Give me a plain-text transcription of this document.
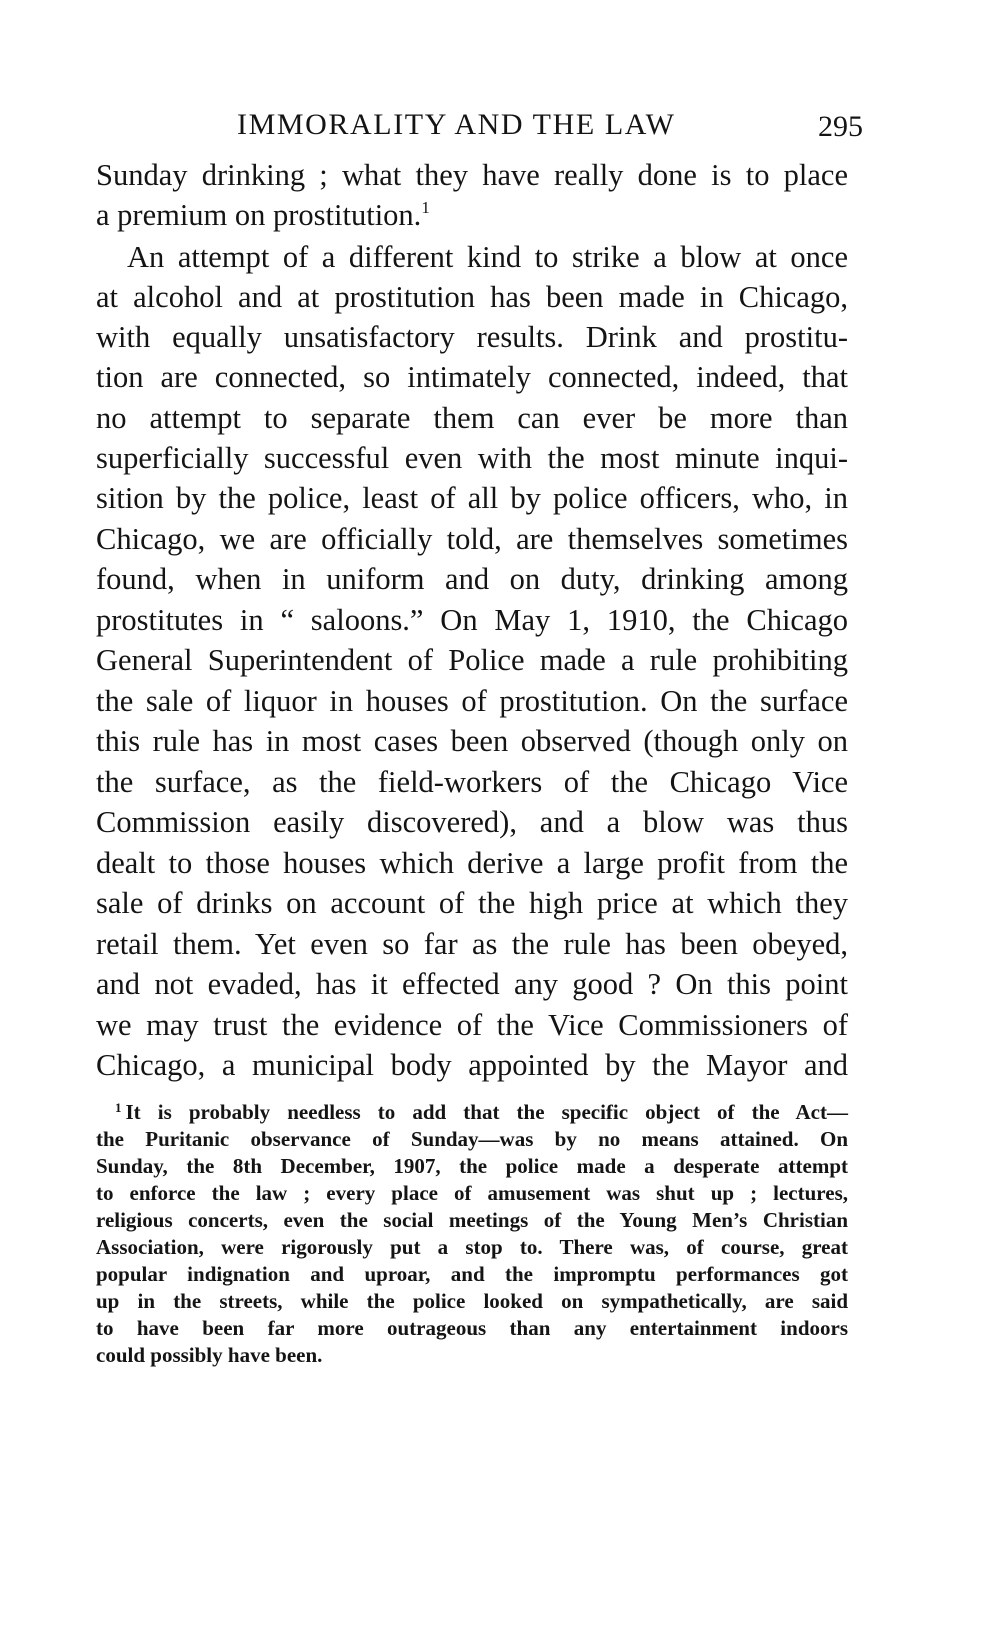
IMMORALITY AND THE LAW	295
Sunday drinking ; what they have really done is to place
a premium on prostitution.$^1$
An attempt of a different kind to strike a blow at once
at alcohol and at prostitution has been made in Chicago,
with equally unsatisfactory results. Drink and prostitu-
tion are connected, so intimately connected, indeed, that
no attempt to separate them can ever be more than
superficially successful even with the most minute inqui-
sition by the police, least of all by police officers, who, in
Chicago, we are officially told, are themselves sometimes
found, when in uniform and on duty, drinking among
prostitutes in “ saloons.” On May 1, 1910, the Chicago
General Superintendent of Police made a rule prohibiting
the sale of liquor in houses of prostitution. On the surface
this rule has in most cases been observed (though only on
the surface, as the field-workers of the Chicago Vice
Commission easily discovered), and a blow was thus
dealt to those houses which derive a large profit from the
sale of drinks on account of the high price at which they
retail them. Yet even so far as the rule has been obeyed,
and not evaded, has it effected any good ? On this point
we may trust the evidence of the Vice Commissioners of
Chicago, a municipal body appointed by the Mayor and
$^1$ It is probably needless to add that the specific object of the Act—
the Puritanic observance of Sunday—was by no means attained. On
Sunday, the 8th December, 1907, the police made a desperate attempt
to enforce the law ; every place of amusement was shut up ; lectures,
religious concerts, even the social meetings of the Young Men’s Christian
Association, were rigorously put a stop to. There was, of course, great
popular indignation and uproar, and the impromptu performances got
up in the streets, while the police looked on sympathetically, are said
to have been far more outrageous than any entertainment indoors
could possibly have been.
